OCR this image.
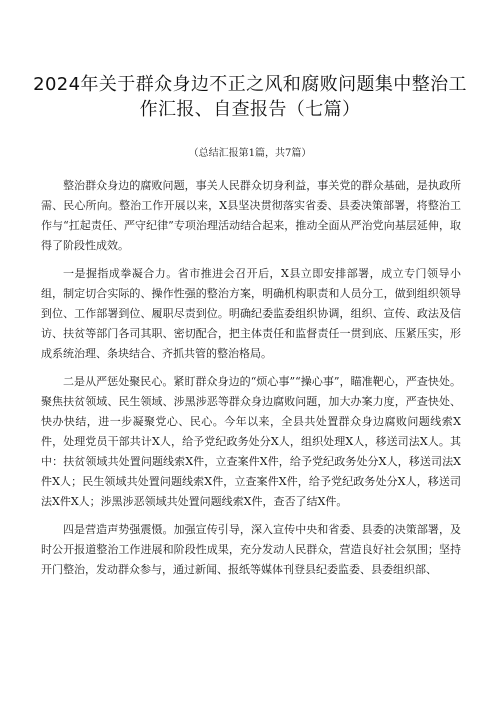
2024年关于群众身边不正之风和腐败问题集中整治工
作汇报、自查报告（七篇）
（总结汇报第1篇，共7篇）

整治群众身边的腐败问题，事关人民群众切身利益，事关党的群众基础，是执政所需、民心所向。整治工作开展以来，X县坚决贯彻落实省委、县委决策部署，将整治工作与“扛起责任、严守纪律”专项治理活动结合起来，推动全面从严治党向基层延伸，取得了阶段性成效。

一是握指成拳凝合力。省市推进会召开后，X县立即安排部署，成立专门领导小组，制定切合实际的、操作性强的整治方案，明确机构职责和人员分工，做到组织领导到位、工作部署到位、履职尽责到位。明确纪委监委组织协调，组织、宣传、政法及信访、扶贫等部门各司其职、密切配合，把主体责任和监督责任一贯到底、压紧压实，形成系统治理、条块结合、齐抓共管的整治格局。

二是从严惩处聚民心。紧盯群众身边的“烦心事”“操心事”，瞄准靶心，严查快处。聚焦扶贫领域、民生领域、涉黑涉恶等群众身边腐败问题，加大办案力度，严查快处、快办快结，进一步凝聚党心、民心。今年以来，全县共处置群众身边腐败问题线索X件，处理党员干部共计X人，给予党纪政务处分X人，组织处理X人，移送司法X人。其中：扶贫领域共处置问题线索X件，立查案件X件，给予党纪政务处分X人，移送司法X件X人；民生领域共处置问题线索X件，立查案件X件，给予党纪政务处分X人，移送司法X件X人；涉黑涉恶领域共处置问题线索X件，查否了结X件。

四是营造声势强震慑。加强宣传引导，深入宣传中央和省委、县委的决策部署，及时公开报道整治工作进展和阶段性成果，充分发动人民群众，营造良好社会氛围；坚持开门整治，发动群众参与，通过新闻、报纸等媒体刊登县纪委监委、县委组织部、
